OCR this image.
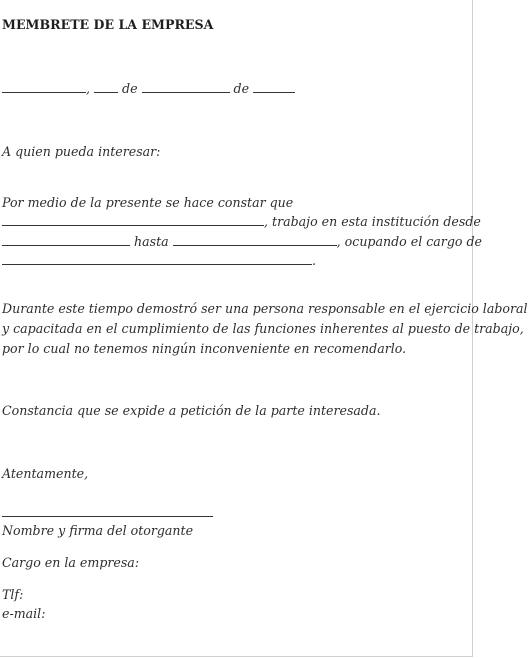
MEMBRETE DE LA EMPRESA
,  de	de
A quien pueda interesar:
Por medio de la presente se hace constar que
, trabajo en esta institución desde
hasta	, ocupando el cargo de
.
Durante este tiempo demostró ser una persona responsable en el ejercicio laboral
y capacitada en el cumplimiento de las funciones inherentes al puesto de trabajo,
por lo cual no tenemos ningún inconveniente en recomendarlo.
Constancia que se expide a petición de la parte interesada.
Atentamente,
Nombre y firma del otorgante
Cargo en la empresa:
Tlf:
e-mail:
